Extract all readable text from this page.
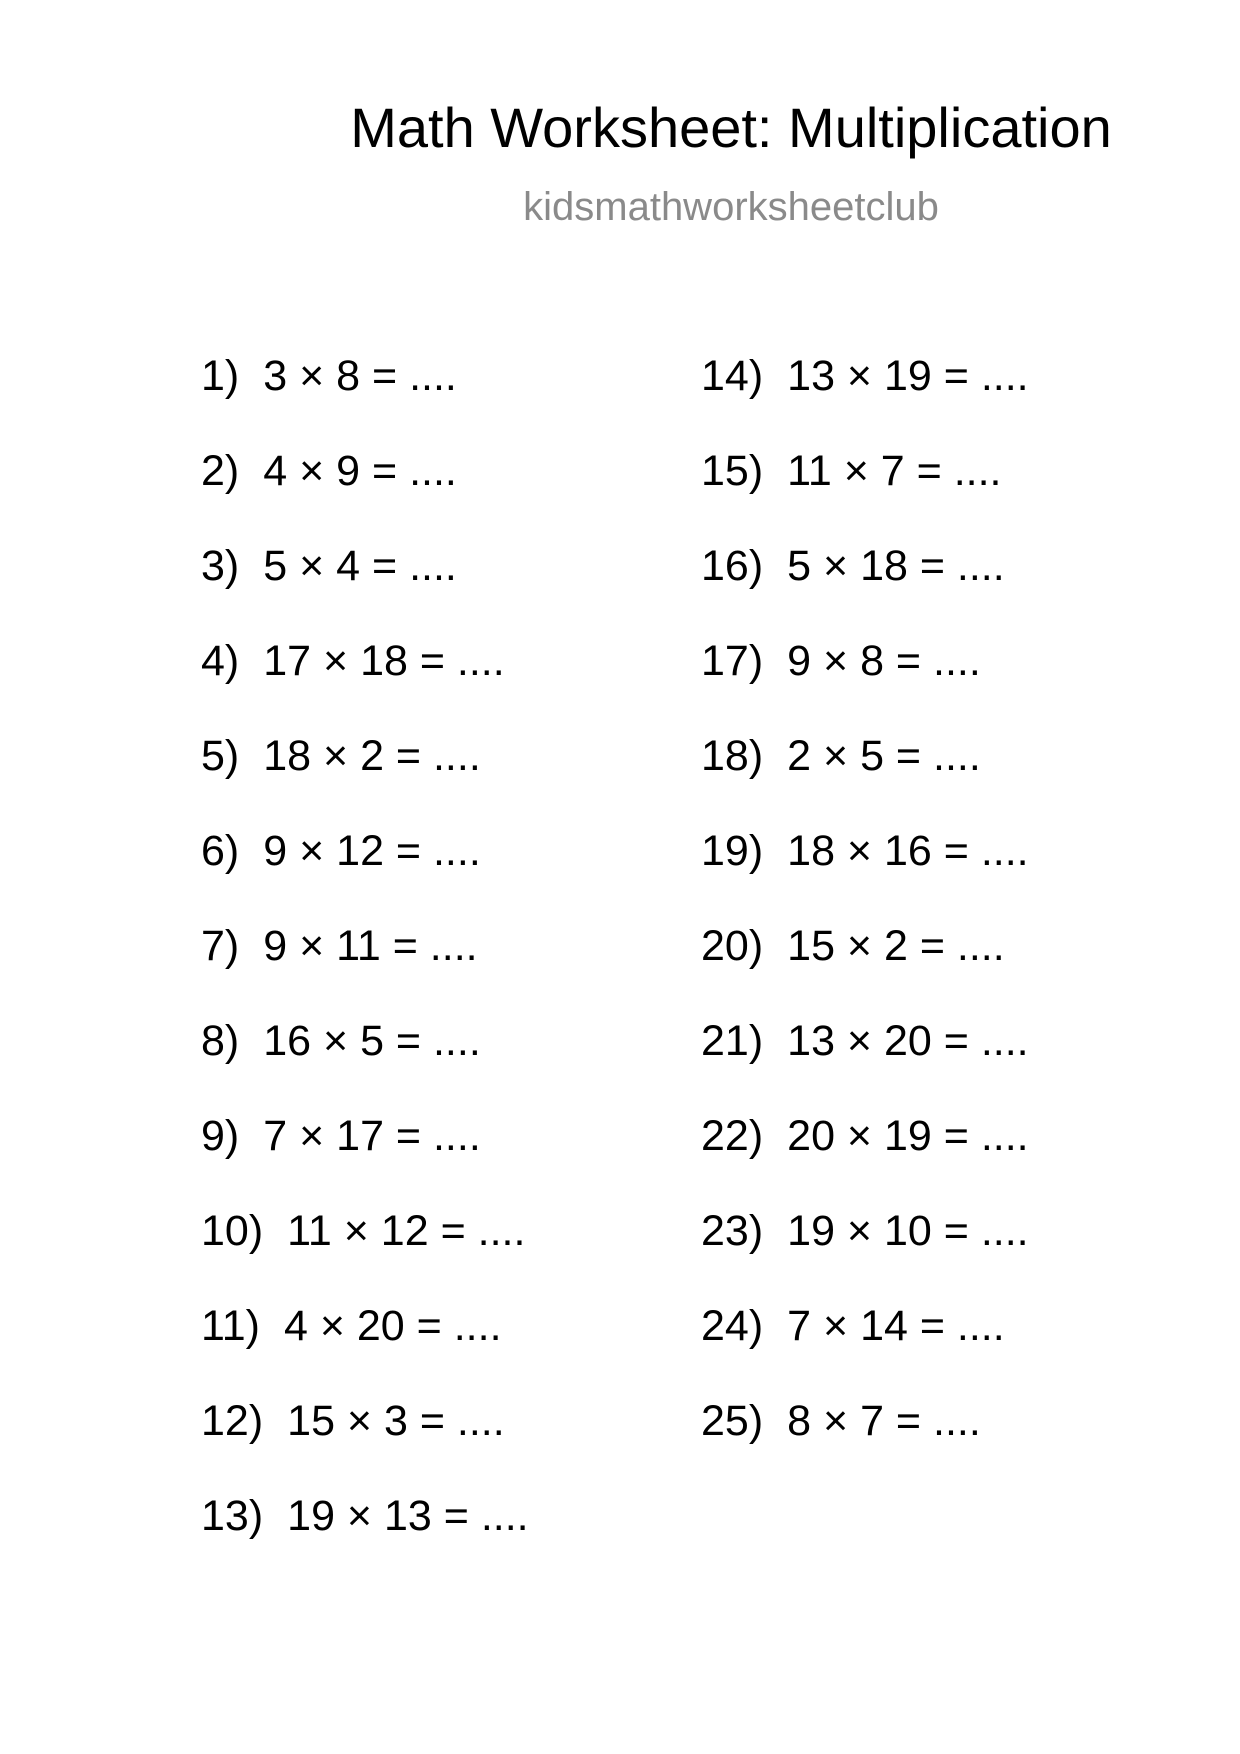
Math Worksheet: Multiplication
kidsmathworksheetclub
1) 3 × 8 = ....
2) 4 × 9 = ....
3) 5 × 4 = ....
4) 17 × 18 = ....
5) 18 × 2 = ....
6) 9 × 12 = ....
7) 9 × 11 = ....
8) 16 × 5 = ....
9) 7 × 17 = ....
10) 11 × 12 = ....
11) 4 × 20 = ....
12) 15 × 3 = ....
13) 19 × 13 = ....
14) 13 × 19 = ....
15) 11 × 7 = ....
16) 5 × 18 = ....
17) 9 × 8 = ....
18) 2 × 5 = ....
19) 18 × 16 = ....
20) 15 × 2 = ....
21) 13 × 20 = ....
22) 20 × 19 = ....
23) 19 × 10 = ....
24) 7 × 14 = ....
25) 8 × 7 = ....
